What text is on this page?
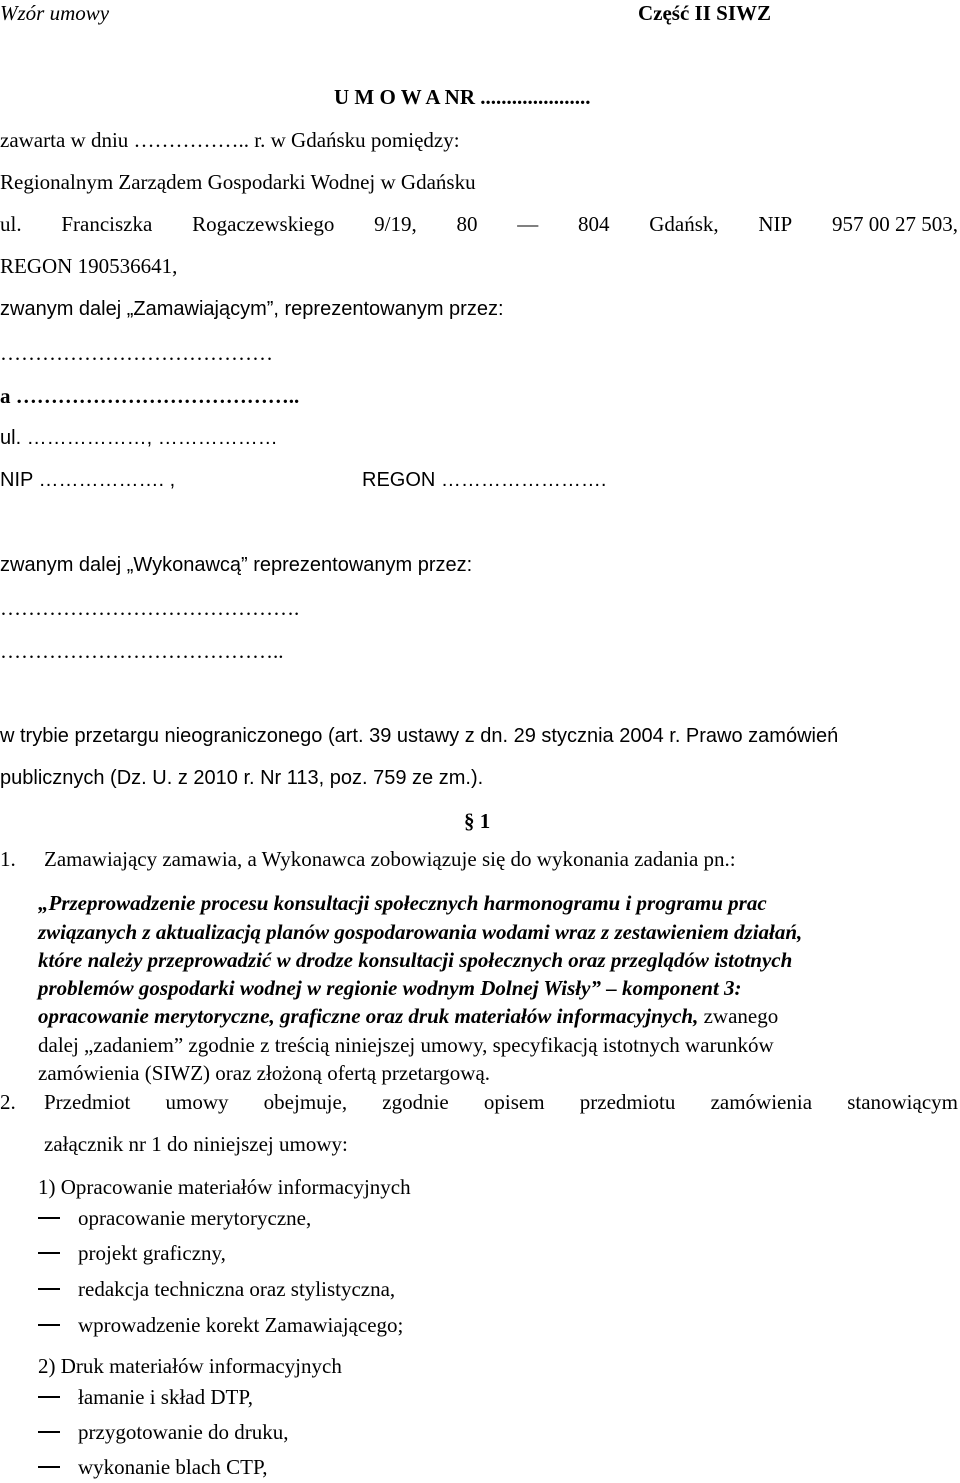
Wzór umowy	Część II SIWZ
U M O W A NR .....................
zawarta w dniu …………….. r. w Gdańsku pomiędzy:
Regionalnym Zarządem Gospodarki Wodnej w Gdańsku
ul. Franciszka Rogaczewskiego 9/19, 80 — 804 Gdańsk, NIP 957 00 27 503,
REGON 190536641,
zwanym dalej „Zamawiającym”, reprezentowanym przez:
…………………………………
a …………………………………..
ul. ………………, ………………
NIP ………………. ,	REGON …………………….
zwanym dalej „Wykonawcą” reprezentowanym przez:
…………………………………….
…………………………………..
w trybie przetargu nieograniczonego (art. 39 ustawy z dn. 29 stycznia 2004 r. Prawo zamówień
publicznych (Dz. U. z 2010 r. Nr 113, poz. 759 ze zm.).
§ 1
1. Zamawiający zamawia, a Wykonawca zobowiązuje się do wykonania zadania pn.:
„Przeprowadzenie procesu konsultacji społecznych harmonogramu i programu prac
związanych z aktualizacją planów gospodarowania wodami wraz z zestawieniem działań,
które należy przeprowadzić w drodze konsultacji społecznych oraz przeglądów istotnych
problemów gospodarki wodnej w regionie wodnym Dolnej Wisły” – komponent 3:
opracowanie merytoryczne, graficzne oraz druk materiałów informacyjnych, zwanego
dalej „zadaniem” zgodnie z treścią niniejszej umowy, specyfikacją istotnych warunków
zamówienia (SIWZ) oraz złożoną ofertą przetargową.
2. Przedmiot umowy obejmuje, zgodnie opisem przedmiotu zamówienia stanowiącym
załącznik nr 1 do niniejszej umowy:
1) Opracowanie materiałów informacyjnych
opracowanie merytoryczne,
projekt graficzny,
redakcja techniczna oraz stylistyczna,
wprowadzenie korekt Zamawiającego;
2) Druk materiałów informacyjnych
łamanie i skład DTP,
przygotowanie do druku,
wykonanie blach CTP,
